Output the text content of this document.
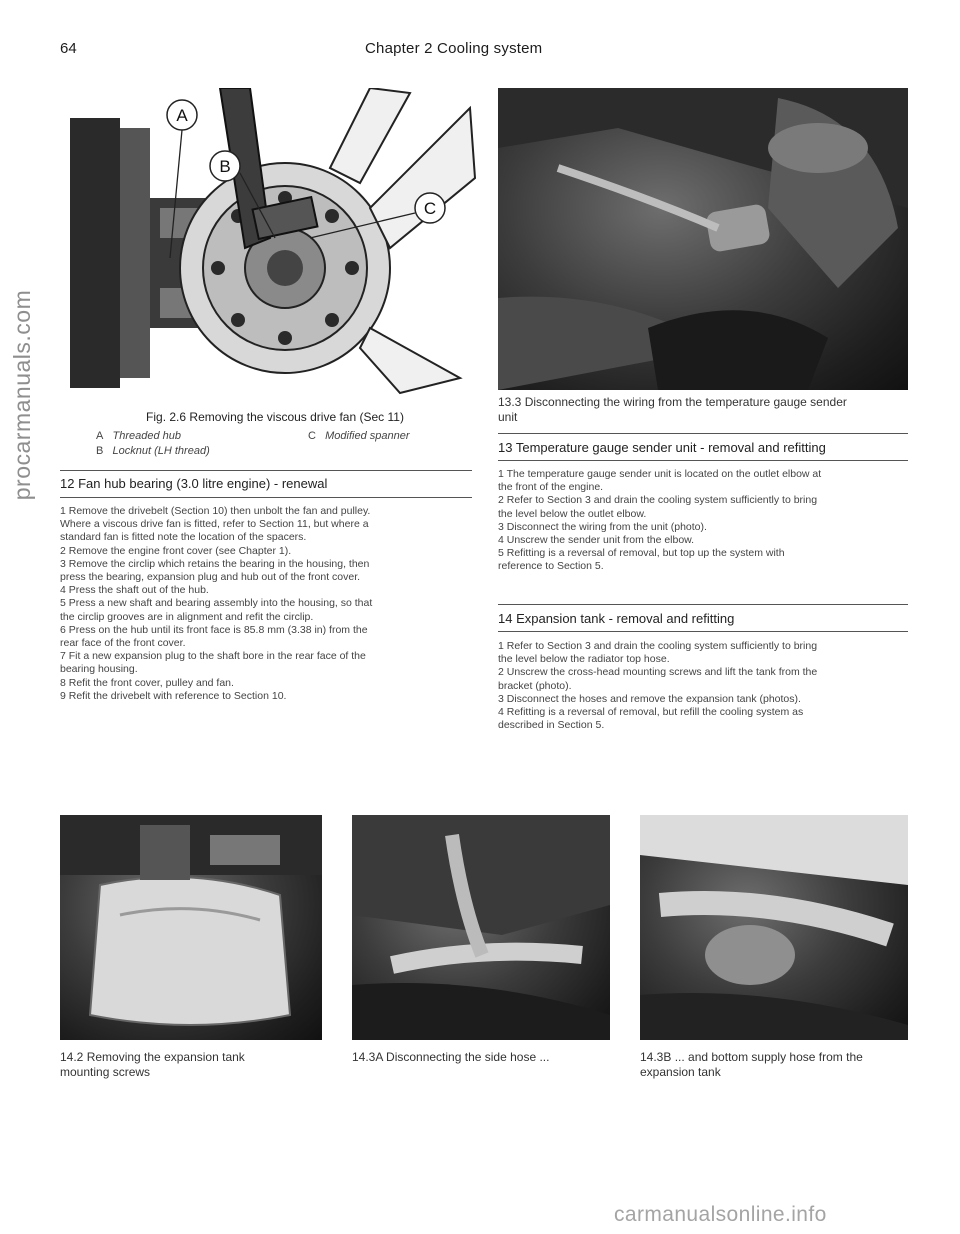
64	Chapter 2 Cooling system
procarmanuals.com
carmanualsonline.info
A
B
C
Fig. 2.6 Removing the viscous drive fan (Sec 11)
A Threaded hub	C Modified spanner
B Locknut (LH thread)
12 Fan hub bearing (3.0 litre engine) - renewal

1 Remove the drivebelt (Section 10) then unbolt the fan and pulley.

Where a viscous drive fan is fitted, refer to Section 11, but where a

standard fan is fitted note the location of the spacers.

2 Remove the engine front cover (see Chapter 1).

3 Remove the circlip which retains the bearing in the housing, then

press the bearing, expansion plug and hub out of the front cover.

4 Press the shaft out of the hub.

5 Press a new shaft and bearing assembly into the housing, so that

the circlip grooves are in alignment and refit the circlip.

6 Press on the hub until its front face is 85.8 mm (3.38 in) from the

rear face of the front cover.

7 Fit a new expansion plug to the shaft bore in the rear face of the

bearing housing.

8 Refit the front cover, pulley and fan.

9 Refit the drivebelt with reference to Section 10.

13.3 Disconnecting the wiring from the temperature gauge sender

unit

13 Temperature gauge sender unit - removal and refitting

1 The temperature gauge sender unit is located on the outlet elbow at

the front of the engine.

2 Refer to Section 3 and drain the cooling system sufficiently to bring

the level below the outlet elbow.

3 Disconnect the wiring from the unit (photo).

4 Unscrew the sender unit from the elbow.

5 Refitting is a reversal of removal, but top up the system with

reference to Section 5.

14 Expansion tank - removal and refitting

1 Refer to Section 3 and drain the cooling system sufficiently to bring

the level below the radiator top hose.

2 Unscrew the cross-head mounting screws and lift the tank from the

bracket (photo).

3 Disconnect the hoses and remove the expansion tank (photos).

4 Refitting is a reversal of removal, but refill the cooling system as

described in Section 5.

14.2 Removing the expansion tank

mounting screws

14.3A Disconnecting the side hose ...	14.3B ... and bottom supply hose from the

expansion tank
